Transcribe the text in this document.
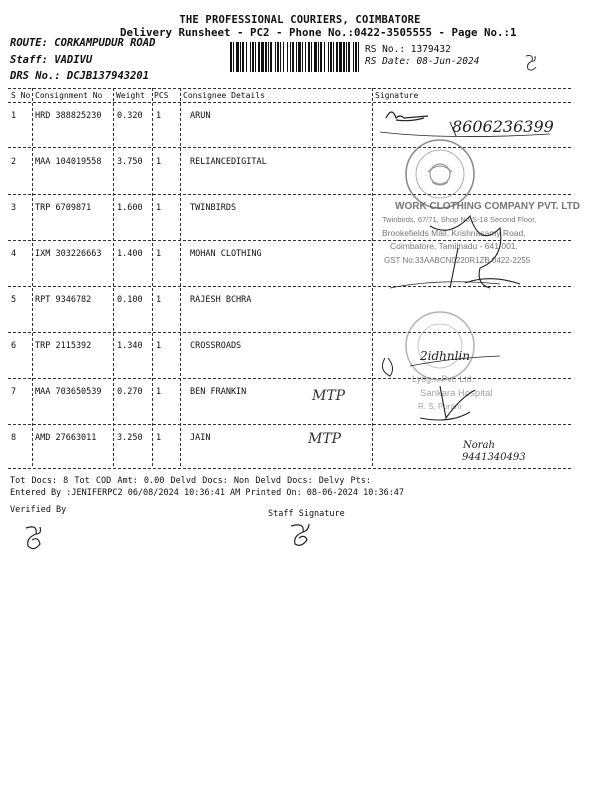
THE PROFESSIONAL COURIERS, COIMBATORE
Delivery Runsheet - PC2 - Phone No.:0422-3505555 - Page No.:1
ROUTE: CORKAMPUDUR ROAD
Staff: VADIVU
DRS No.: DCJB137943201
RS No.: 1379432
RS Date: 08-Jun-2024
S No Consignment No Weight PCS Consignee Details	Signature
1 HRD 388825230 0.320 1	ARUN
2 MAA 104019558 3.750 1	RELIANCEDIGITAL
3 TRP 6709871	1.600 1	TWINBIRDS
4 IXM 303226663 1.400 1	MOHAN CLOTHING
5 RPT 9346782	0.100 1	RAJESH BCHRA
6 TRP 2115392	1.340 1	CROSSROADS
7 MAA 703650539 0.270 1	BEN FRANKIN
8 AMD 27663011 3.250 1	JAIN
8606236399
WORK CLOTHING COMPANY PVT. LTD
Twinbirds, 67/71, Shop No:S-18 Second Floor,
Brookefields Mall, Krishnasamy Road,
Coimbatore, Tamilnadu - 641 001.
GST No:33AABCN0220R1ZB 0422-2255
Lyeg... Pvt. Ltd.
Sankara Hospital
R. S. Puram
2idhnlin
MTP
MTP	Norah
9441340493
Tot Docs: 8 Tot COD Amt: 0.00 Delvd Docs: Non Delvd Docs: Delvy Pts:
Entered By :JENIFERPC2 06/08/2024 10:36:41 AM Printed On: 08-06-2024 10:36:47
Verified By	Staff Signature
